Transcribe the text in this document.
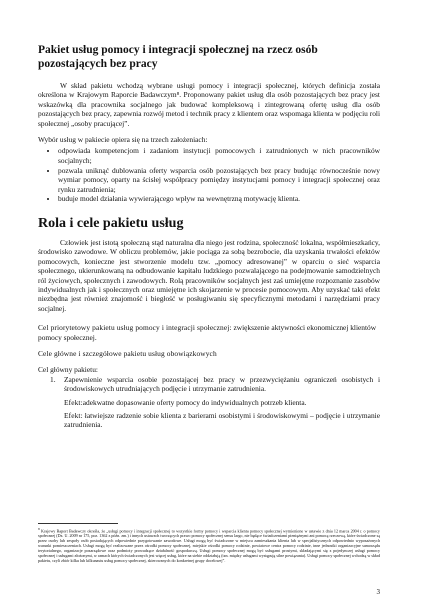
Pakiet usług pomocy i integracji społecznej na rzecz osób pozostających bez pracy

W skład pakietu wchodzą wybrane usługi pomocy i integracji społecznej, których definicja została określona w Krajowym Raporcie Badawczym⁸. Proponowany pakiet usług dla osób pozostających bez pracy jest wskazówką dla pracownika socjalnego jak budować kompleksową i zintegrowaną ofertę usług dla osób pozostających bez pracy, zapewnia rozwój metod i technik pracy z klientem oraz wspomaga klienta w podjęciu roli społecznej „osoby pracującej”.

Wybór usług w pakiecie opiera się na trzech założeniach:

• odpowiada kompetencjom i zadaniom instytucji pomocowych i zatrudnionych w nich pracowników socjalnych;
• pozwala uniknąć dublowania oferty wsparcia osób pozostających bez pracy budując równocześnie nowy wymiar pomocy, oparty na ścisłej współpracy pomiędzy instytucjami pomocy i integracji społecznej oraz rynku zatrudnienia;
• buduje model działania wywierającego wpływ na wewnętrzną motywację klienta.
Rola i cele pakietu usług

Człowiek jest istotą społeczną stąd naturalna dla niego jest rodzina, społeczność lokalna, współmieszkańcy, środowisko zawodowe. W obliczu problemów, jakie pociąga za sobą bezrobocie, dla uzyskania trwałości efektów pomocowych, konieczne jest stworzenie modelu tzw. „pomocy adresowanej” w oparciu o sieć wsparcia społecznego, ukierunkowaną na odbudowanie kapitału ludzkiego pozwalającego na podejmowanie samodzielnych ról życiowych, społecznych i zawodowych. Rolą pracowników socjalnych jest zaś umiejętne rozpoznanie zasobów indywidualnych jak i społecznych oraz umiejętne ich skojarzenie w procesie pomocowym. Aby uzyskać taki efekt niezbędna jest również znajomość i biegłość w posługiwaniu się specyficznymi metodami i narzędziami pracy socjalnej.

Cel priorytetowy pakietu usług pomocy i integracji społecznej: zwiększenie aktywności ekonomicznej klientów pomocy społecznej.

Cele główne i szczegółowe pakietu usług obowiązkowych

Cel główny pakietu:

1.	Zapewnienie wsparcia osobie pozostającej bez pracy w przezwyciężaniu ograniczeń osobistych i środowiskowych utrudniających podjęcie i utrzymanie zatrudnienia.

Efekt:adekwatne dopasowanie oferty pomocy do indywidualnych potrzeb klienta.

Efekt: łatwiejsze radzenie sobie klienta z barierami osobistymi i środowiskowymi – podjęcie i utrzymanie zatrudnienia.

$^8$ Krajowy Raport Badawczy określa, że „usługi pomocy i integracji społecznej to wszystkie formy pomocy i wsparcia klienta pomocy społecznej wymienione w ustawie z dnia 12 marca 2004 r. o pomocy społecznej (Dz. U. 2009 nr 175, poz. 1362 z późn. zm.) i innych ustawach tworzących prawo pomocy społecznej sensu largo, nie będące świadczeniami pieniężnymi ani pomocą rzeczową, które świadczone są przez osoby lub zespoły osób posiadających odpowiednie przygotowanie zawodowe. Usługi mogą być świadczone w miejscu zamieszkania klienta lub w specjalistycznych odpowiednio wyposażonych warunki pomieszczeniach. Usługi mogą być realizowane przez ośrodki pomocy społecznej, miejskie ośrodki pomocy rodzinie, powiatowe centra pomocy rodzinie, inne jednostki organizacyjne samorządu terytorialnego, organizacje pozarządowe oraz podmioty prowadzące działalność gospodarczą. Usługi pomocy społecznej mogą być usługami prostymi, składającymi się z pojedynczej usługi pomocy społecznej i usługami złożonymi, w ramach których świadczonych jest więcej usług, które na siebie oddziałują (tzn. między usługami występują silne powiązania). Usługi pomocy społecznej wchodzą w skład pakietu, czyli zbiór kilku lub kilkunastu usług pomocy społecznej, skierowanych do konkretnej grupy docelowej”.

3
